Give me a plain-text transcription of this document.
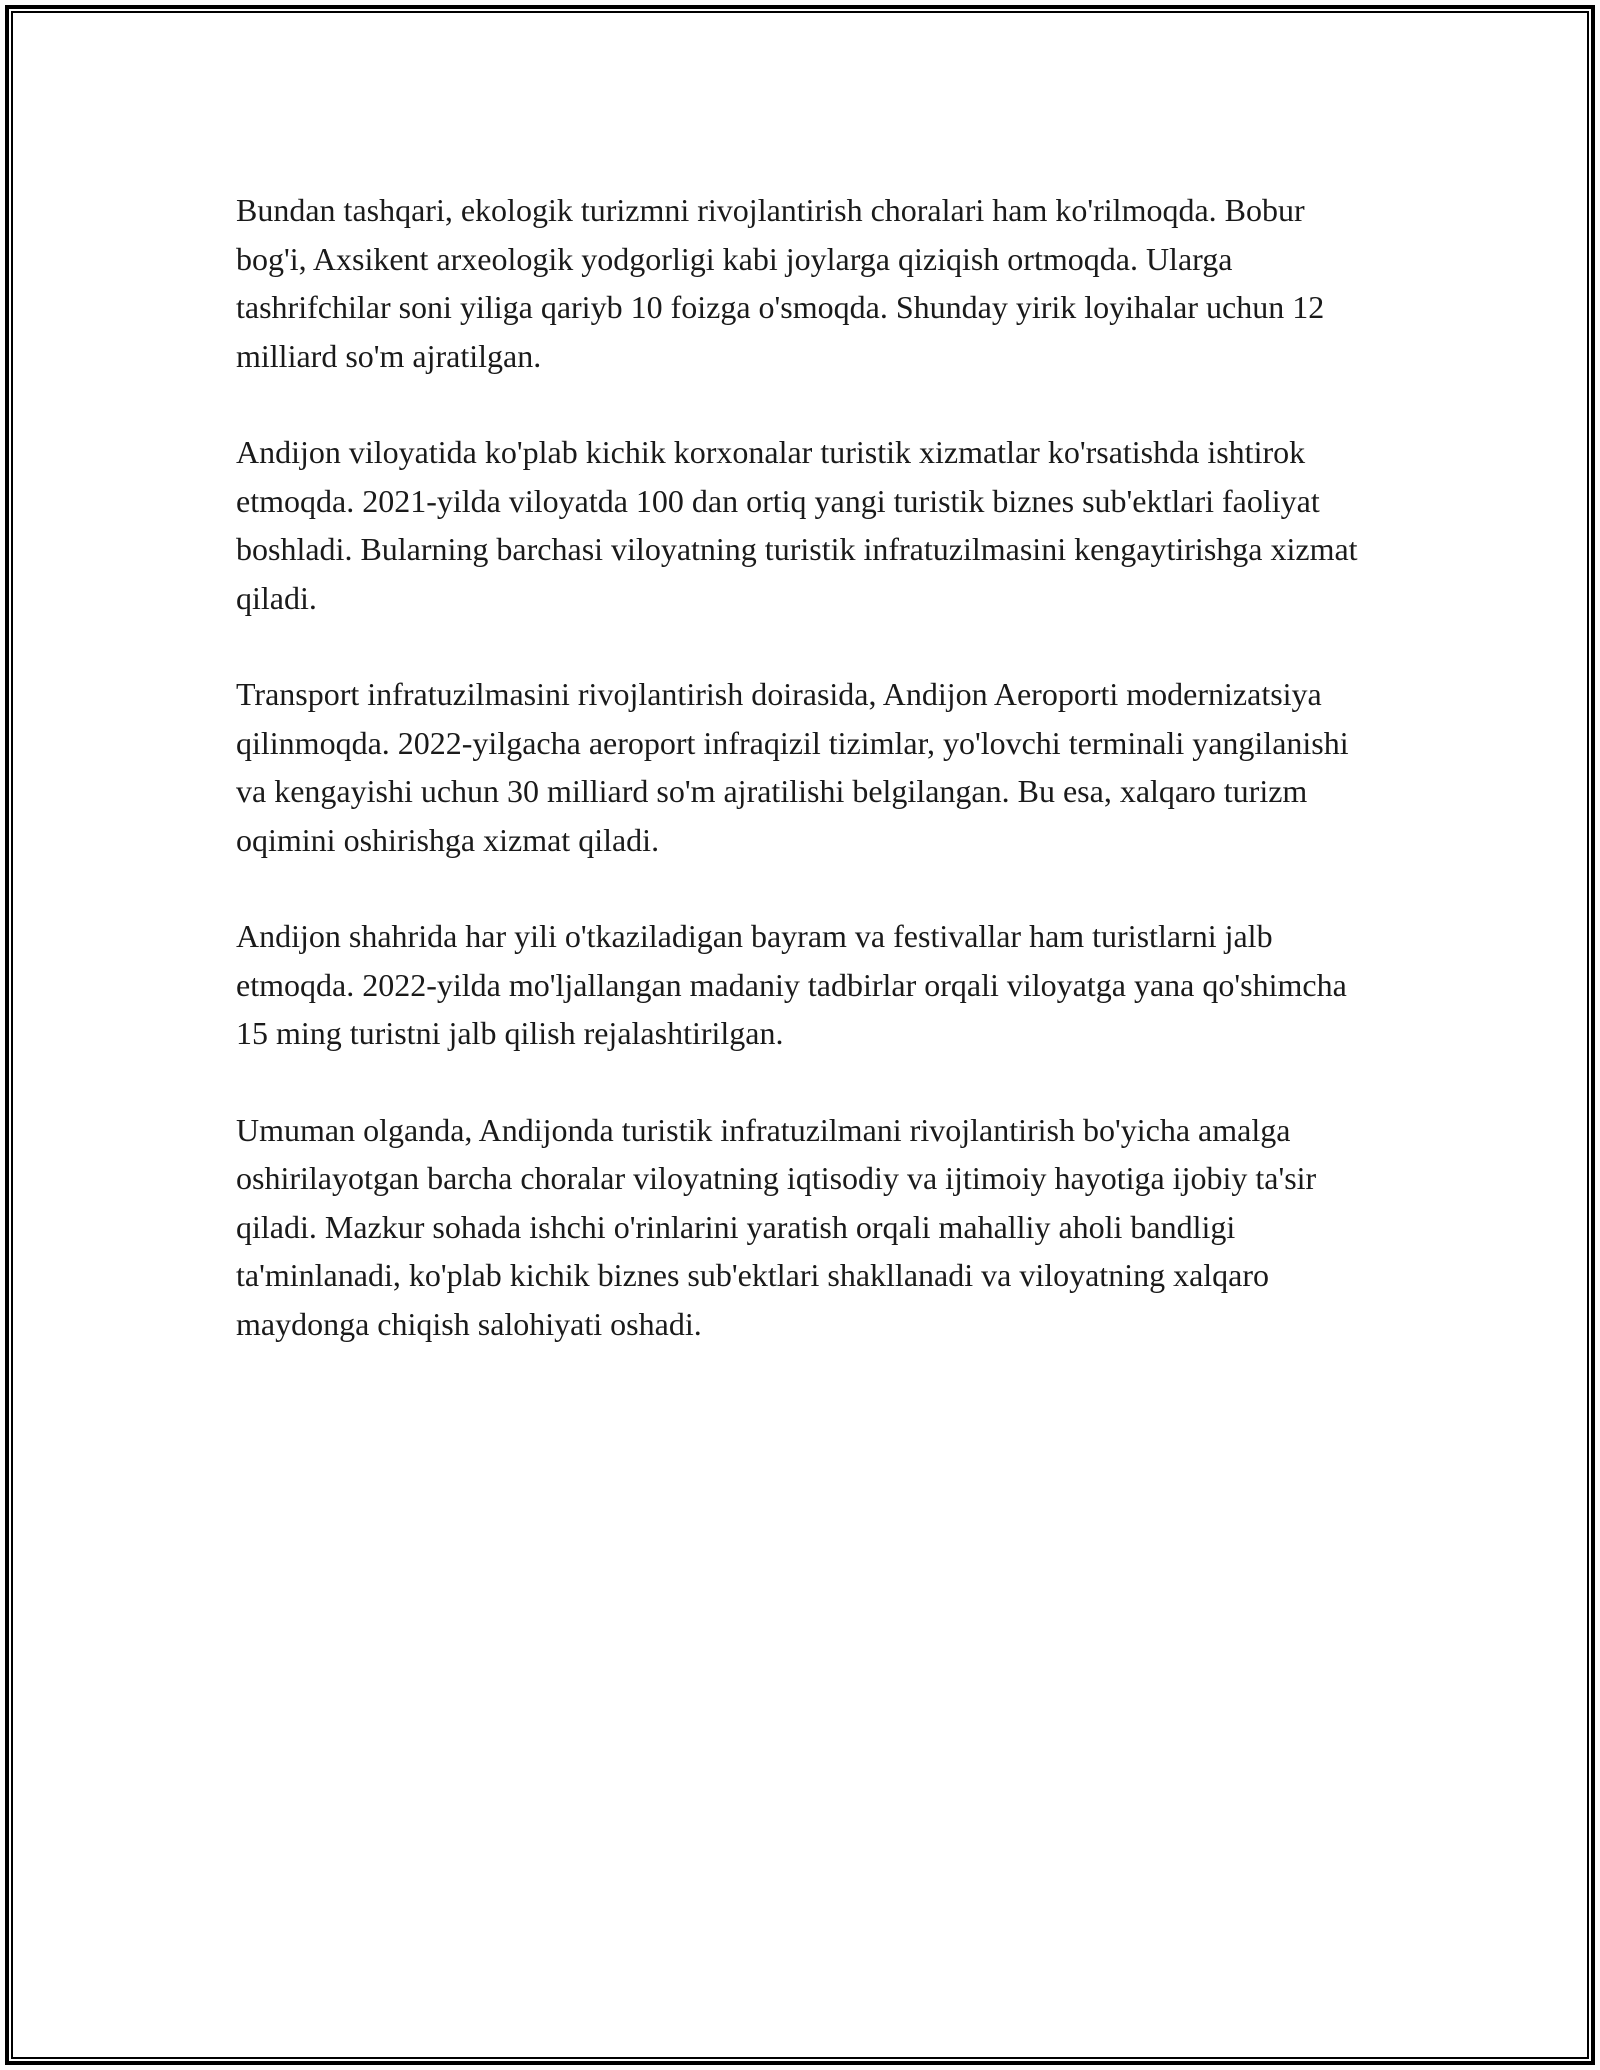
Bundan tashqari, ekologik turizmni rivojlantirish choralari ham ko'rilmoqda. Bobur bog'i, Axsikent arxeologik yodgorligi kabi joylarga qiziqish ortmoqda. Ularga tashrifchilar soni yiliga qariyb 10 foizga o'smoqda. Shunday yirik loyihalar uchun 12 milliard so'm ajratilgan.

Andijon viloyatida ko'plab kichik korxonalar turistik xizmatlar ko'rsatishda ishtirok etmoqda. 2021-yilda viloyatda 100 dan ortiq yangi turistik biznes sub'ektlari faoliyat boshladi. Bularning barchasi viloyatning turistik infratuzilmasini kengaytirishga xizmat qiladi.

Transport infratuzilmasini rivojlantirish doirasida, Andijon Aeroporti modernizatsiya qilinmoqda. 2022-yilgacha aeroport infraqizil tizimlar, yo'lovchi terminali yangilanishi va kengayishi uchun 30 milliard so'm ajratilishi belgilangan. Bu esa, xalqaro turizm oqimini oshirishga xizmat qiladi.

Andijon shahrida har yili o'tkaziladigan bayram va festivallar ham turistlarni jalb etmoqda. 2022-yilda mo'ljallangan madaniy tadbirlar orqali viloyatga yana qo'shimcha 15 ming turistni jalb qilish rejalashtirilgan.

Umuman olganda, Andijonda turistik infratuzilmani rivojlantirish bo'yicha amalga oshirilayotgan barcha choralar viloyatning iqtisodiy va ijtimoiy hayotiga ijobiy ta'sir qiladi. Mazkur sohada ishchi o'rinlarini yaratish orqali mahalliy aholi bandligi ta'minlanadi, ko'plab kichik biznes sub'ektlari shakllanadi va viloyatning xalqaro maydonga chiqish salohiyati oshadi.
